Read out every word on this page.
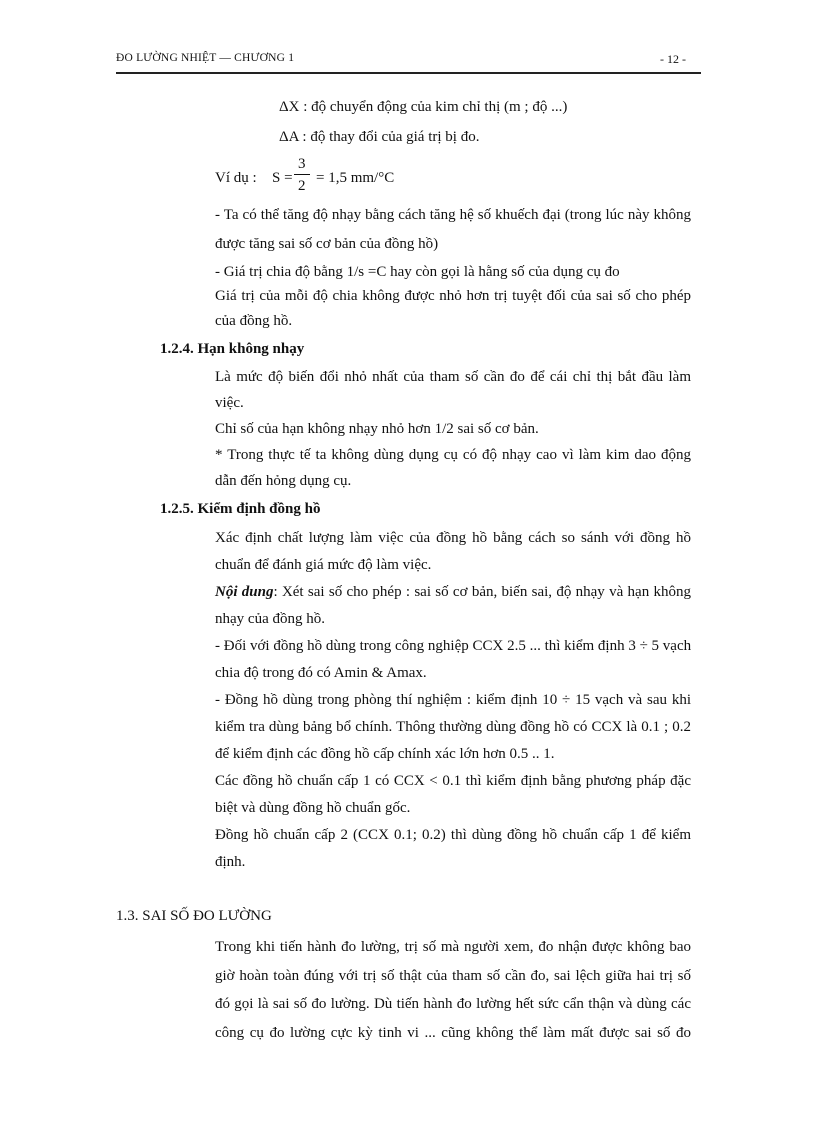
ĐO LƯỜNG NHIỆT — CHƯƠNG 1	- 12 -
ΔX : độ chuyển động của kim chỉ thị (m ; độ ...)
ΔA : độ thay đổi của giá trị bị đo.
Ví dụ : S =
3
2 = 1,5 mm/°C
- Ta có thể tăng độ nhạy bằng cách tăng hệ số khuếch đại (trong lúc này không
được tăng sai số cơ bản của đồng hồ)
- Giá trị chia độ bằng 1/s =C hay còn gọi là hằng số của dụng cụ đo
Giá trị của mỗi độ chia không được nhỏ hơn trị tuyệt đối của sai số cho phép
của đồng hồ.
1.2.4. Hạn không nhạy
Là mức độ biến đổi nhỏ nhất của tham số cần đo để cái chỉ thị bắt đầu làm
việc.
Chỉ số của hạn không nhạy nhỏ hơn 1/2 sai số cơ bản.
* Trong thực tế ta không dùng dụng cụ có độ nhạy cao vì làm kim dao động
dẫn đến hỏng dụng cụ.
1.2.5. Kiểm định đồng hồ
Xác định chất lượng làm việc của đồng hồ bằng cách so sánh với đồng hồ
chuẩn để đánh giá mức độ làm việc.
Nội dung: Xét sai số cho phép : sai số cơ bản, biến sai, độ nhạy và hạn không
nhạy của đồng hồ.
- Đối với đồng hồ dùng trong công nghiệp CCX 2.5 ... thì kiểm định 3 ÷ 5 vạch
chia độ trong đó có Amin & Amax.
- Đồng hồ dùng trong phòng thí nghiệm : kiểm định 10 ÷ 15 vạch và sau khi
kiểm tra dùng bảng bổ chính. Thông thường dùng đồng hồ có CCX là 0.1 ; 0.2
để kiểm định các đồng hồ cấp chính xác lớn hơn 0.5 .. 1.
Các đồng hồ chuẩn cấp 1 có CCX < 0.1 thì kiểm định bằng phương pháp đặc
biệt và dùng đồng hồ chuẩn gốc.
Đồng hồ chuẩn cấp 2 (CCX 0.1; 0.2) thì dùng đồng hồ chuẩn cấp 1 để kiểm
định.
1.3. SAI SỐ ĐO LƯỜNG
Trong khi tiến hành đo lường, trị số mà người xem, đo nhận được không bao
giờ hoàn toàn đúng với trị số thật của tham số cần đo, sai lệch giữa hai trị số
đó gọi là sai số đo lường. Dù tiến hành đo lường hết sức cẩn thận và dùng các
công cụ đo lường cực kỳ tinh vi ... cũng không thể làm mất được sai số đo
